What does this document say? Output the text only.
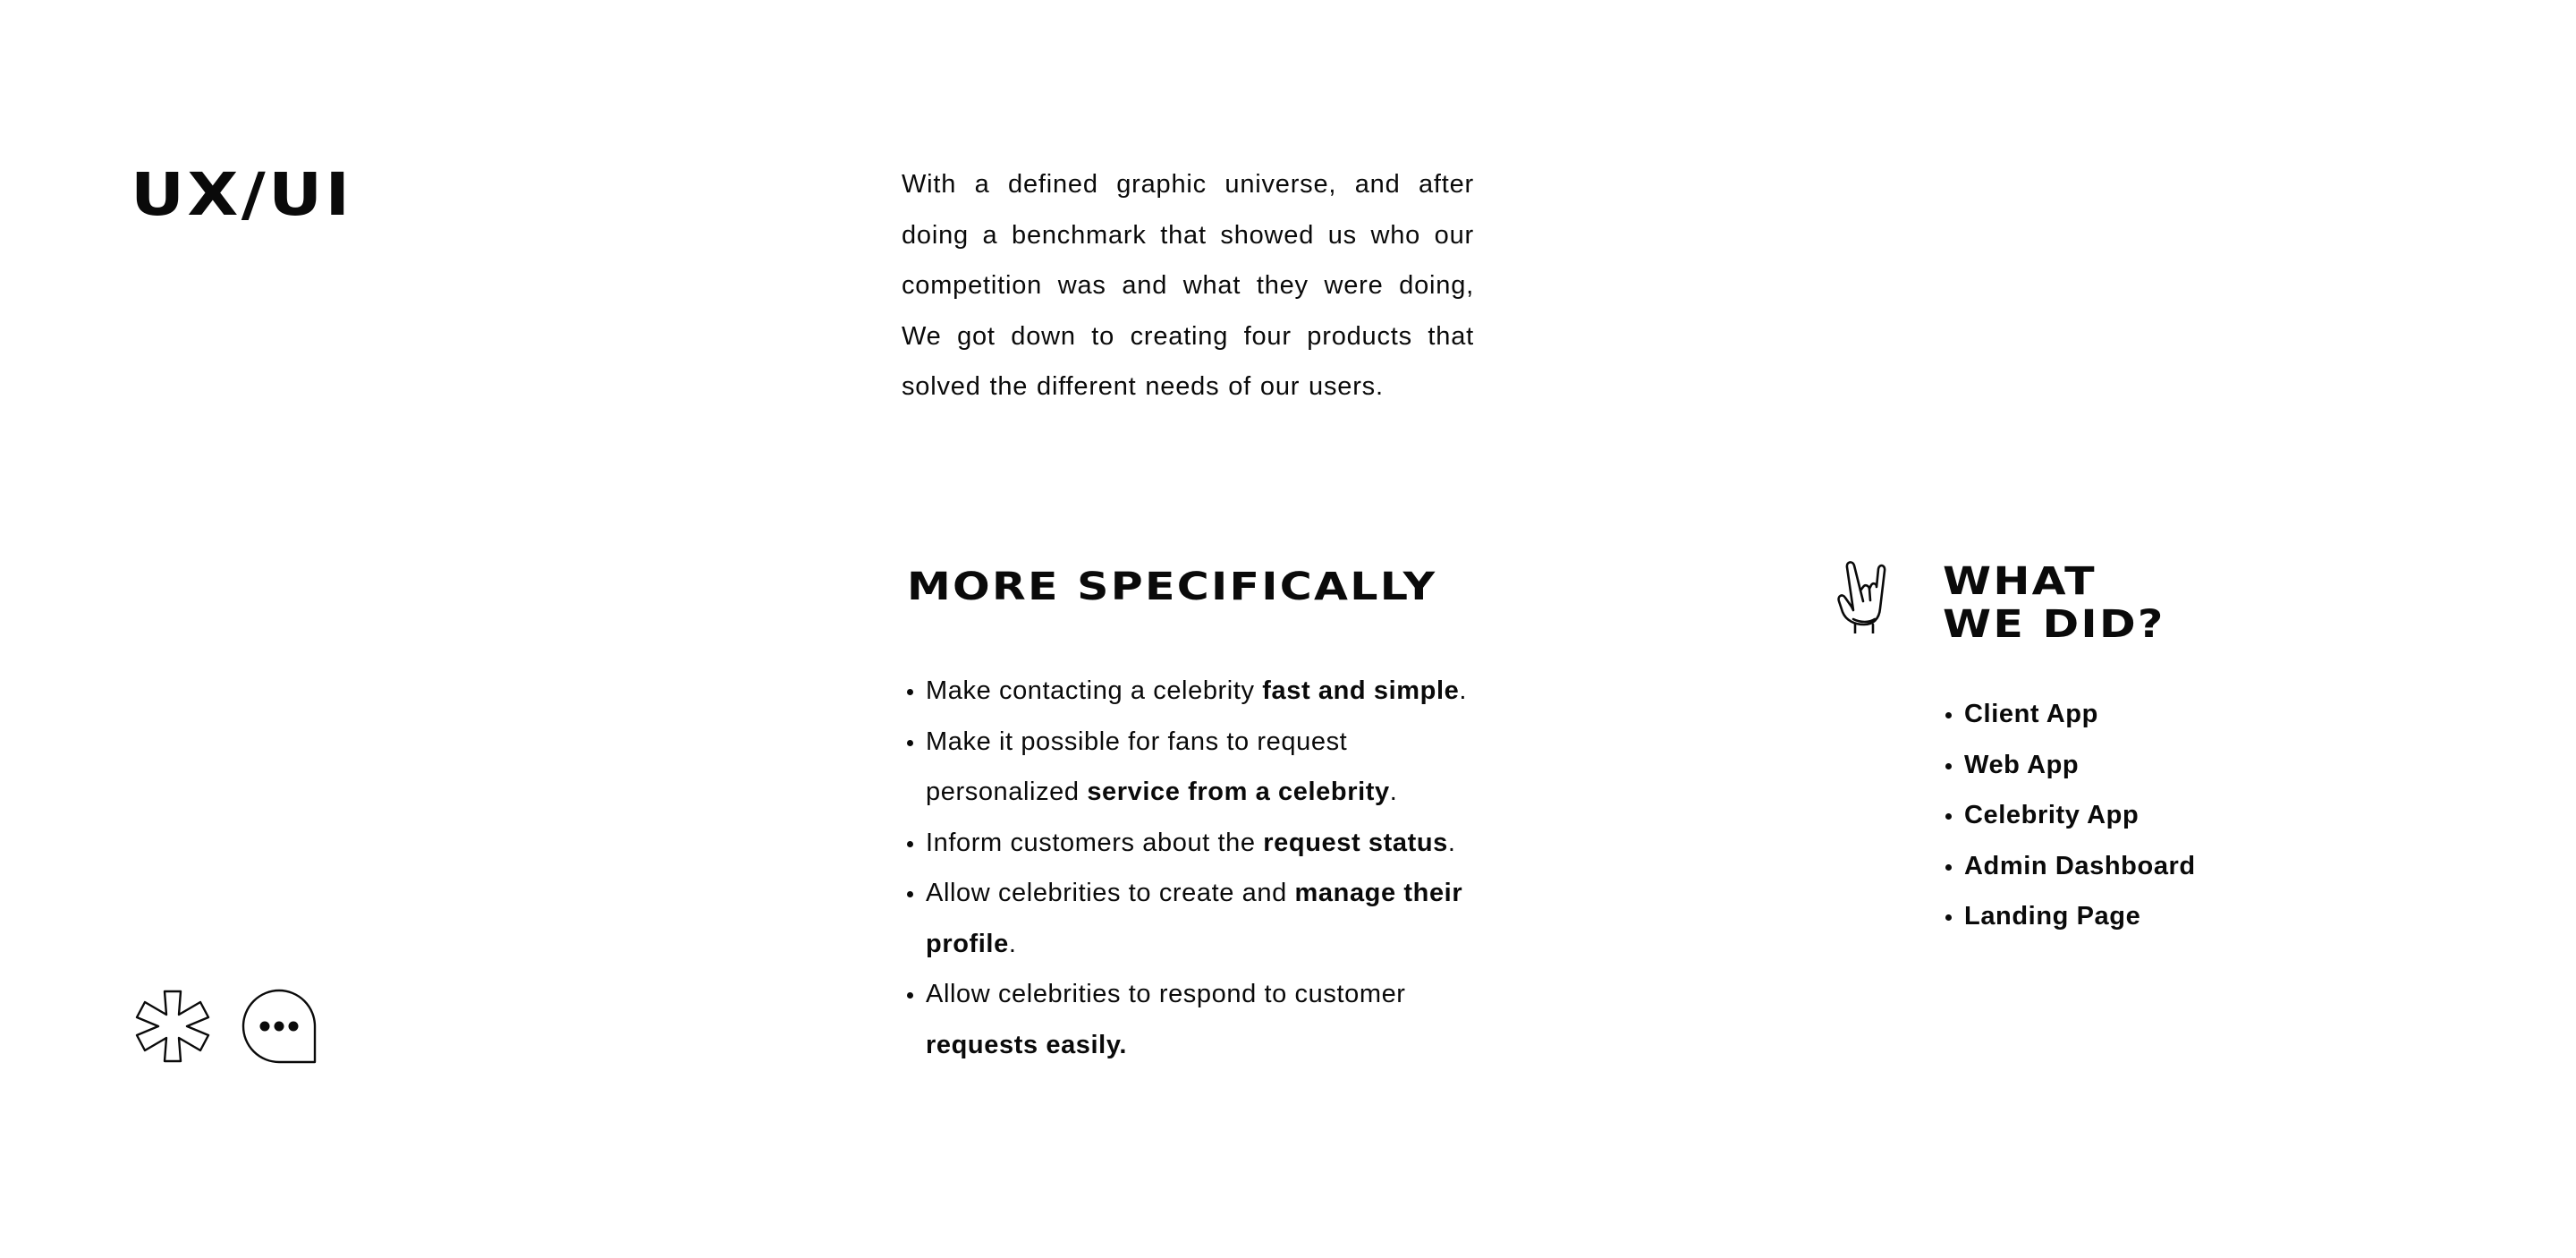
UX/UI	With a defined graphic universe, and after doing a benchmark that showed us who our competition was and what they were doing, We got down to creating four products that solved the different needs of our users.

MORE SPECIFICALLY
• Make contacting a celebrity fast and simple.
• Make it possible for fans to request personalized service from a celebrity.
• Inform customers about the request status.
• Allow celebrities to create and manage their profile.
• Allow celebrities to respond to customer requests easily.
WHAT
WE DID?
• Client App
• Web App
• Celebrity App
• Admin Dashboard
• Landing Page
